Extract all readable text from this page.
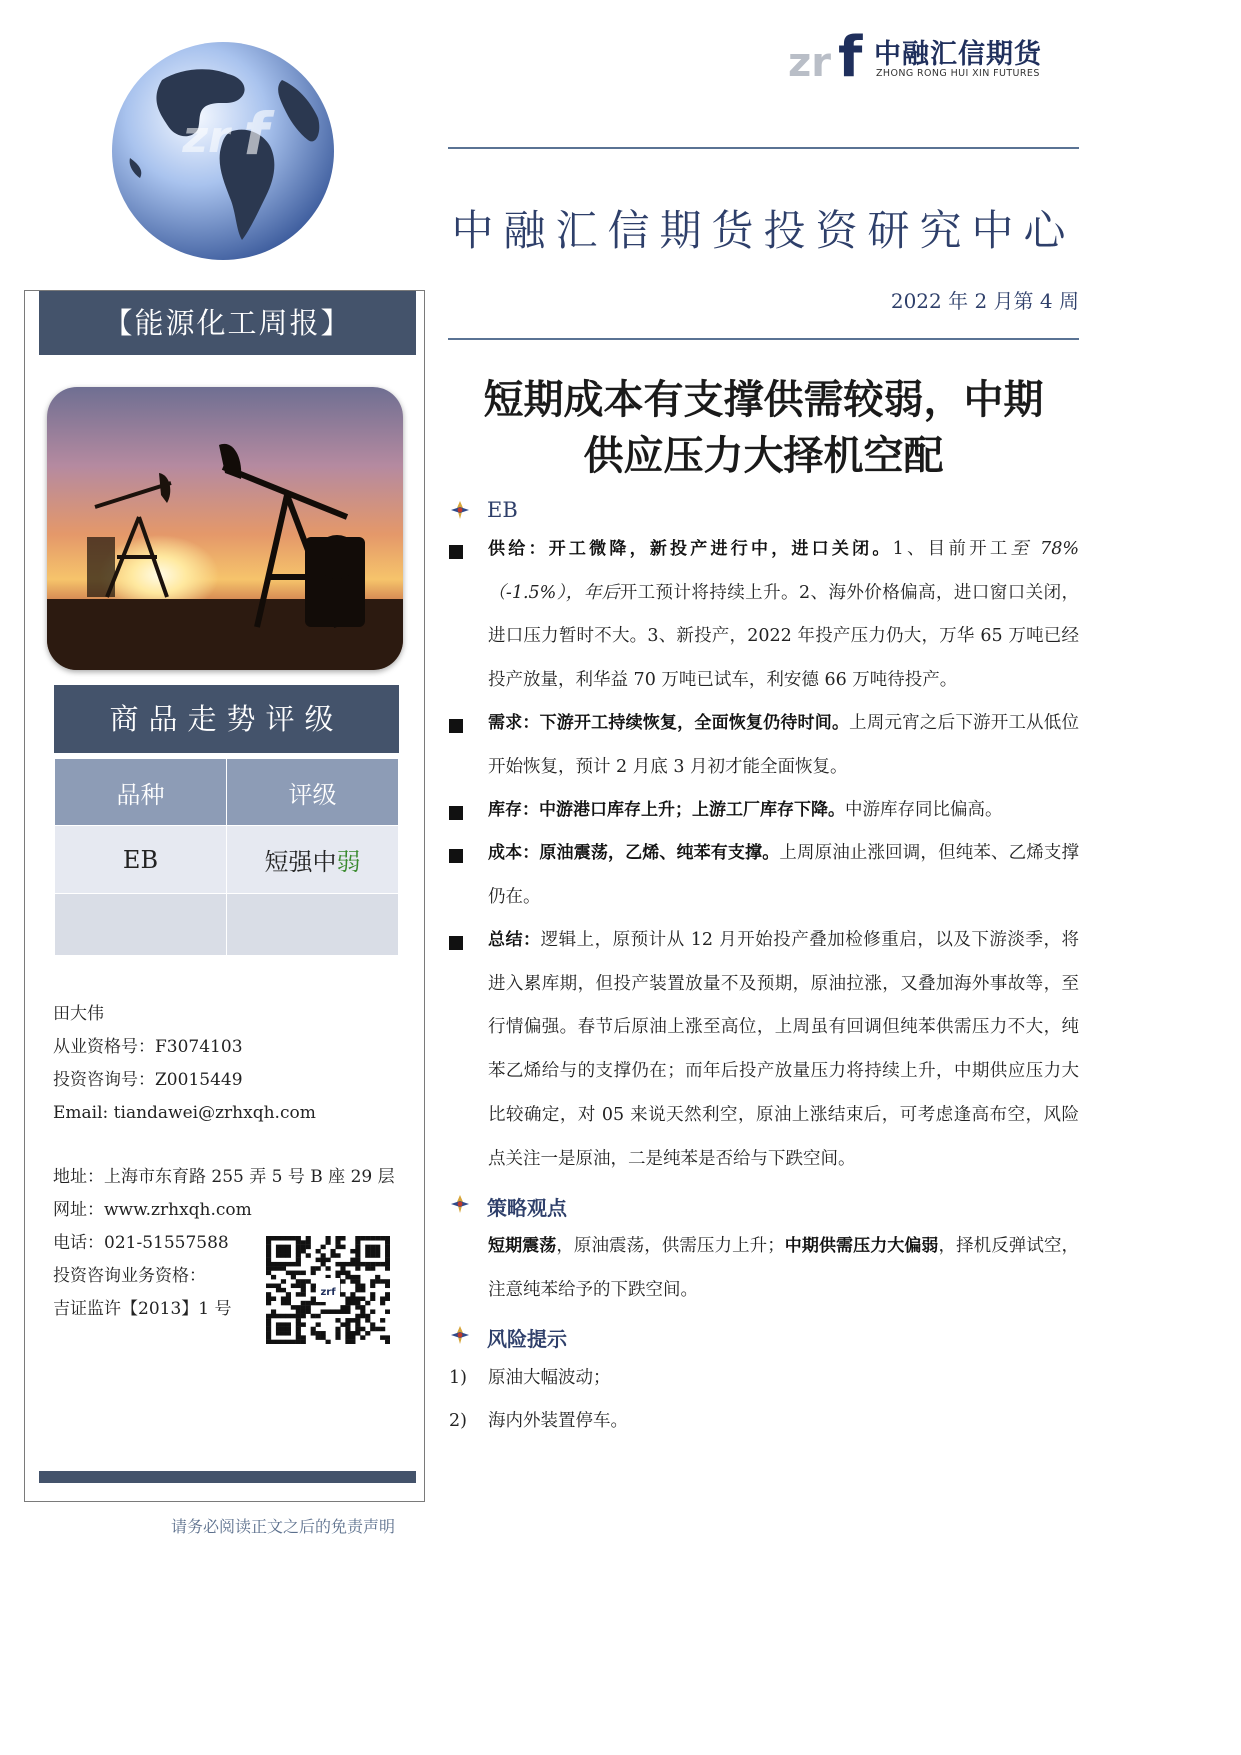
zr f
zr f 中融汇信期货
ZHONG RONG HUI XIN FUTURES
中融汇信期货投资研究中心
2022 年 2 月第 4 周
【能源化工周报】
商品走势评级
品种	评级
EB	短强中弱

田大伟
从业资格号：F3074103
投资咨询号：Z0015449
Email: tiandawei@zrhxqh.com
地址：上海市东育路 255 弄 5 号 B 座 29 层
网址：www.zrhxqh.com
电话：021-51557588
投资咨询业务资格：
吉证监许【2013】1 号
zrf
请务必阅读正文之后的免责声明
短期成本有支撑供需较弱，中期
供应压力大择机空配
EB
供给：开工微降，新投产进行中，进口关闭。1、目前开工至 78%（-1.5%），年后开工预计将持续上升。2、海外价格偏高，进口窗口关闭，进口压力暂时不大。3、新投产，2022 年投产压力仍大，万华 65 万吨已经投产放量，利华益 70 万吨已试车，利安德 66 万吨待投产。
需求：下游开工持续恢复，全面恢复仍待时间。上周元宵之后下游开工从低位开始恢复，预计 2 月底 3 月初才能全面恢复。
库存：中游港口库存上升；上游工厂库存下降。中游库存同比偏高。
成本：原油震荡，乙烯、纯苯有支撑。上周原油止涨回调，但纯苯、乙烯支撑仍在。
总结：逻辑上，原预计从 12 月开始投产叠加检修重启，以及下游淡季，将进入累库期，但投产装置放量不及预期，原油拉涨，又叠加海外事故等，至行情偏强。春节后原油上涨至高位，上周虽有回调但纯苯供需压力不大，纯苯乙烯给与的支撑仍在；而年后投产放量压力将持续上升，中期供应压力大比较确定，对 05 来说天然利空，原油上涨结束后，可考虑逢高布空，风险点关注一是原油，二是纯苯是否给与下跌空间。
策略观点
短期震荡，原油震荡，供需压力上升；中期供需压力大偏弱，择机反弹试空，注意纯苯给予的下跌空间。
风险提示
1) 原油大幅波动；
2) 海内外装置停车。
